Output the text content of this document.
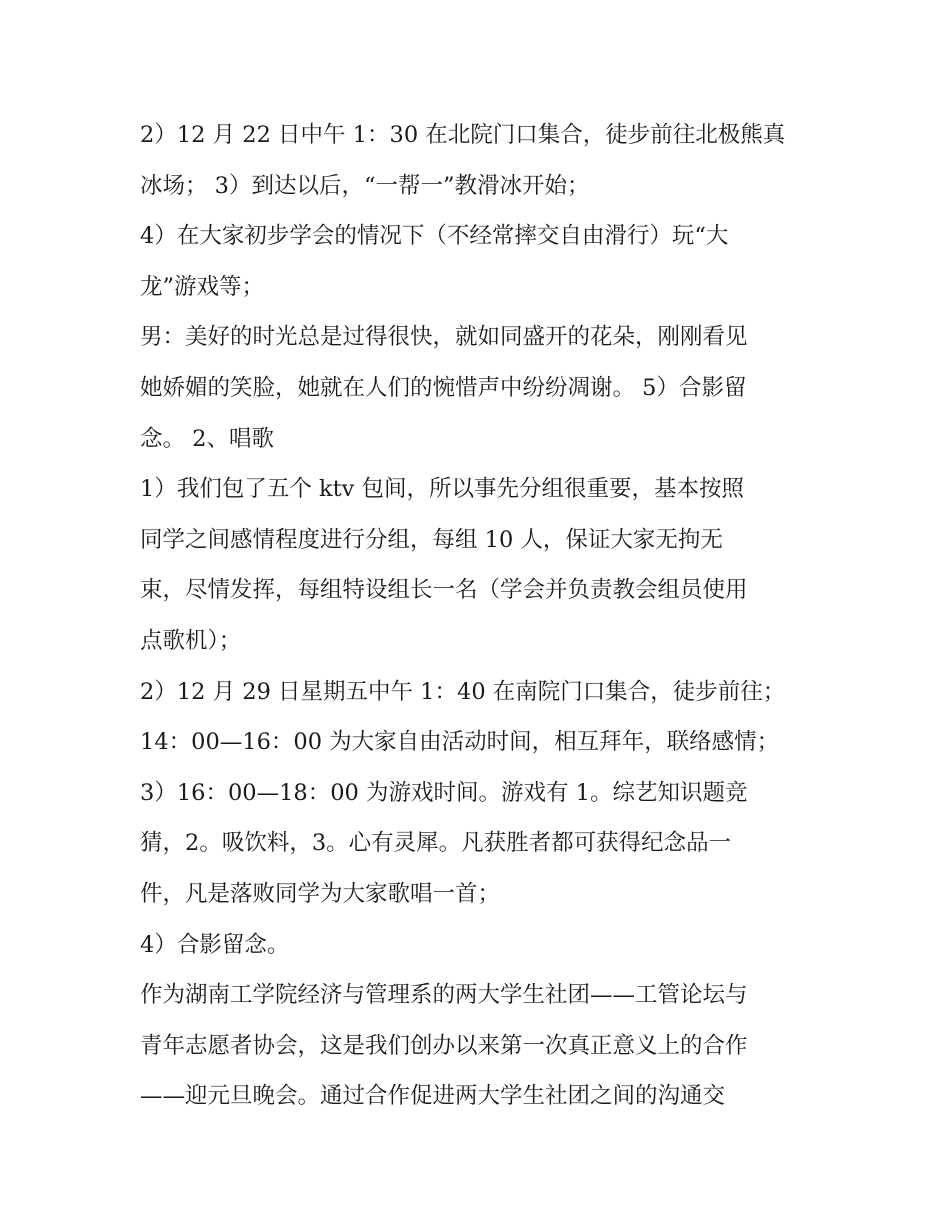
2）12 月 22 日中午 1：30 在北院门口集合，徒步前往北极熊真
冰场； 3）到达以后，“一帮一”教滑冰开始；
4）在大家初步学会的情况下（不经常摔交自由滑行）玩“大
龙”游戏等；
男：美好的时光总是过得很快，就如同盛开的花朵，刚刚看见
她娇媚的笑脸，她就在人们的惋惜声中纷纷凋谢。 5）合影留
念。 2、唱歌
1）我们包了五个 ktv 包间，所以事先分组很重要，基本按照
同学之间感情程度进行分组，每组 10 人，保证大家无拘无
束，尽情发挥，每组特设组长一名（学会并负责教会组员使用
点歌机）；
2）12 月 29 日星期五中午 1：40 在南院门口集合，徒步前往；
14：00—16：00 为大家自由活动时间，相互拜年，联络感情；
3）16：00—18：00 为游戏时间。游戏有 1。综艺知识题竞
猜，2。吸饮料，3。心有灵犀。凡获胜者都可获得纪念品一
件，凡是落败同学为大家歌唱一首；
4）合影留念。
作为湖南工学院经济与管理系的两大学生社团——工管论坛与
青年志愿者协会，这是我们创办以来第一次真正意义上的合作
——迎元旦晚会。通过合作促进两大学生社团之间的沟通交
